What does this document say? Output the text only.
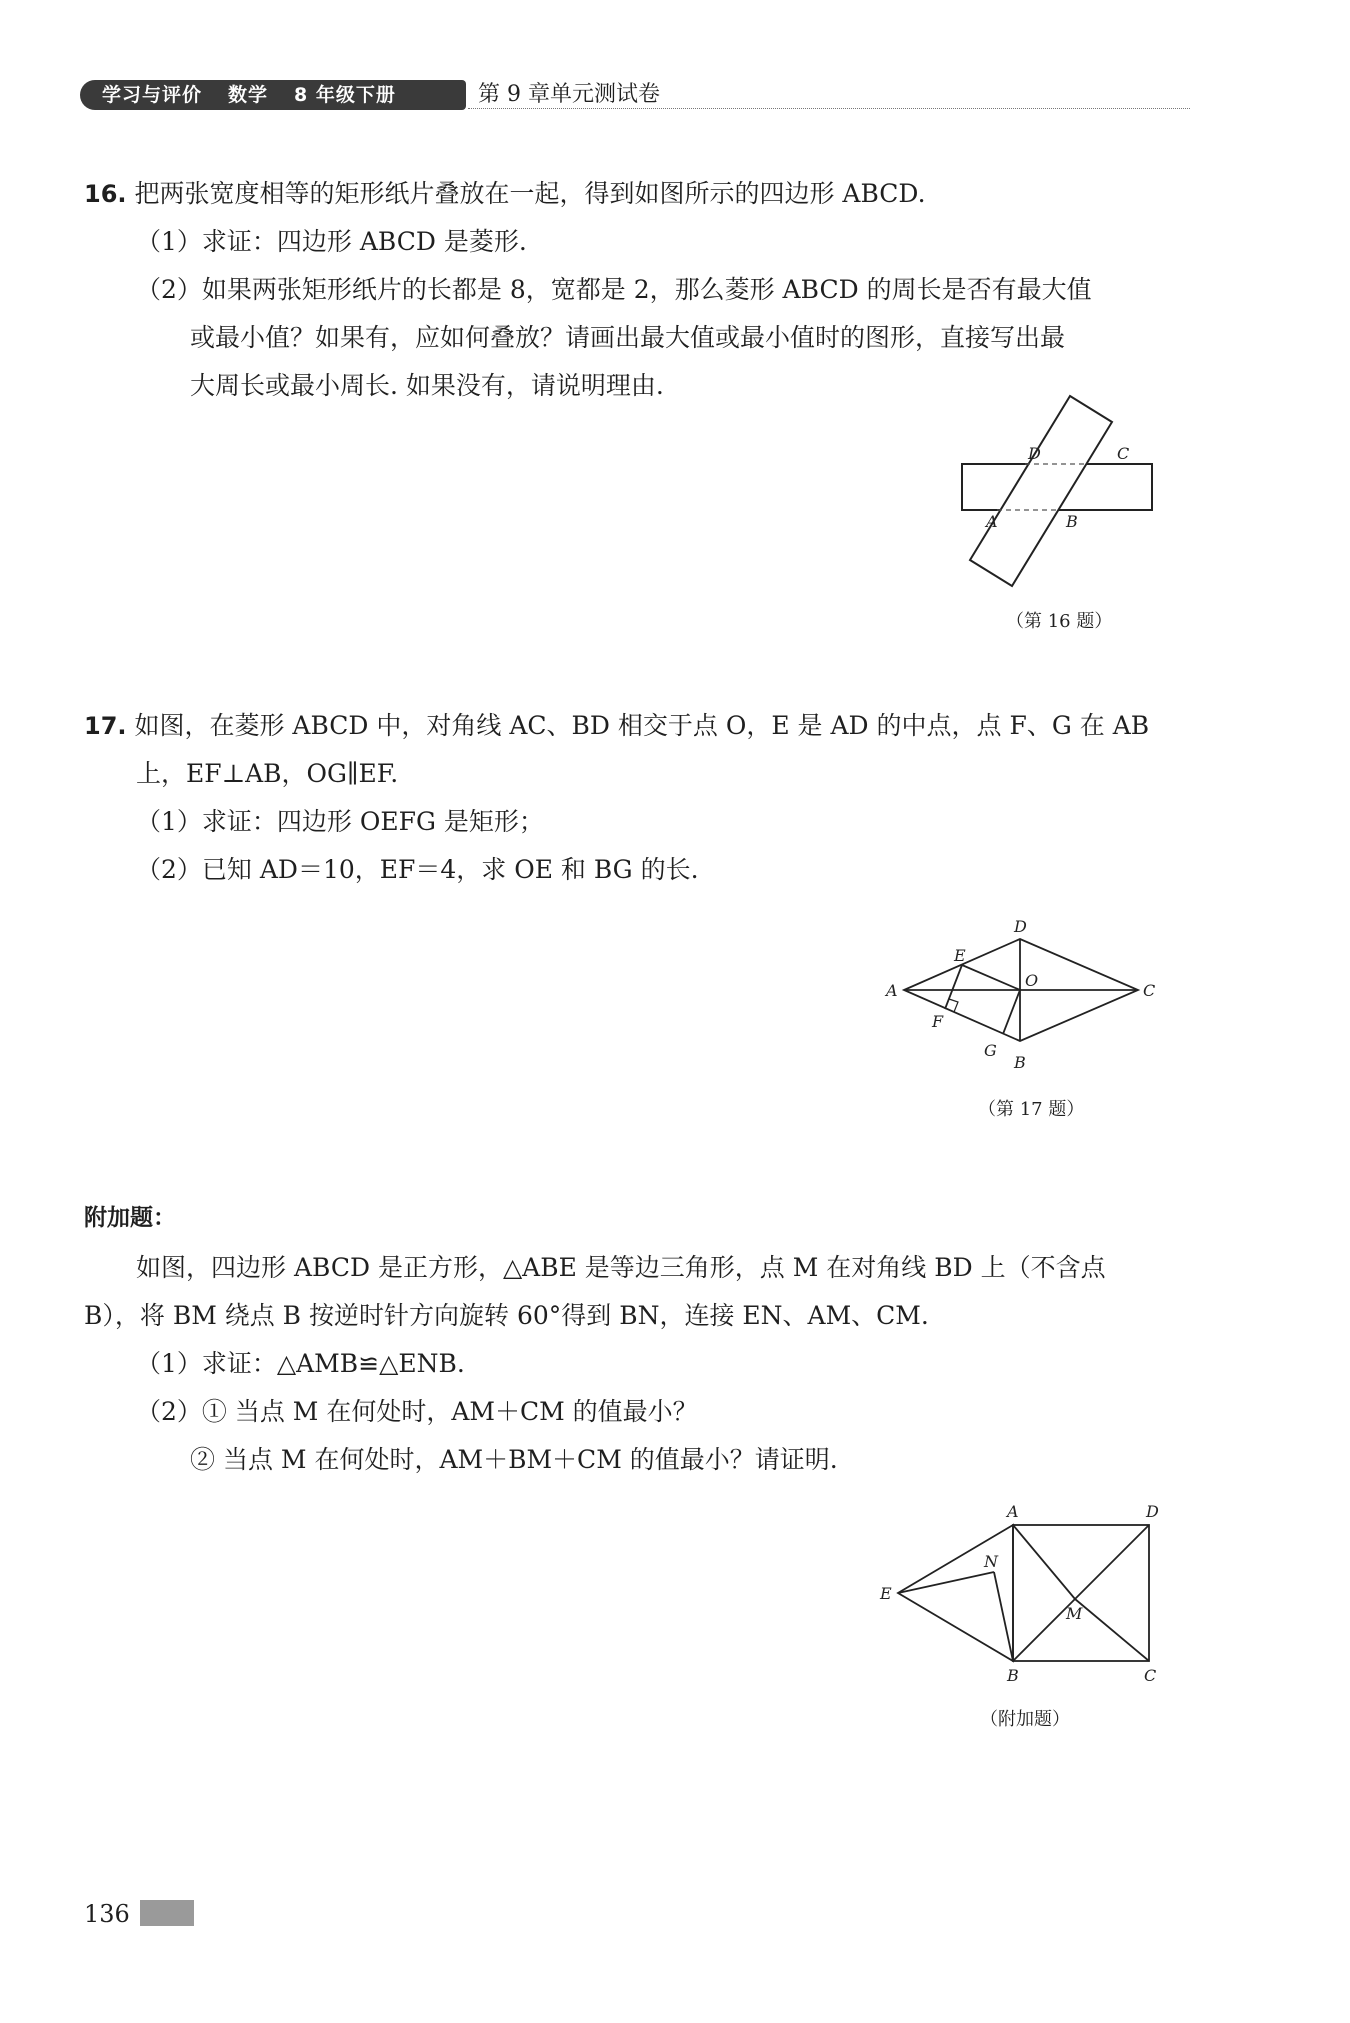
学习与评价 数学 8 年级下册	第 9 章单元测试卷
16. 把两张宽度相等的矩形纸片叠放在一起，得到如图所示的四边形 ABCD.
（1）求证：四边形 ABCD 是菱形.
（2）如果两张矩形纸片的长都是 8，宽都是 2，那么菱形 ABCD 的周长是否有最大值
或最小值？如果有，应如何叠放？请画出最大值或最小值时的图形，直接写出最
大周长或最小周长. 如果没有，请说明理由.
D	C
A	B
（第 16 题）
17. 如图，在菱形 ABCD 中，对角线 AC、BD 相交于点 O，E 是 AD 的中点，点 F、G 在 AB
上，EF⊥AB，OG∥EF.
（1）求证：四边形 OEFG 是矩形；
（2）已知 AD＝10，EF＝4，求 OE 和 BG 的长.
D
E
A
O
C
F
G
B
（第 17 题）
附加题：
如图，四边形 ABCD 是正方形，△ABE 是等边三角形，点 M 在对角线 BD 上（不含点
B），将 BM 绕点 B 按逆时针方向旋转 60°得到 BN，连接 EN、AM、CM.
（1）求证：△AMB≌△ENB.
（2）① 当点 M 在何处时，AM＋CM 的值最小？
② 当点 M 在何处时，AM＋BM＋CM 的值最小？请证明.
A	D
E
N
M
B	C
（附加题）
136
